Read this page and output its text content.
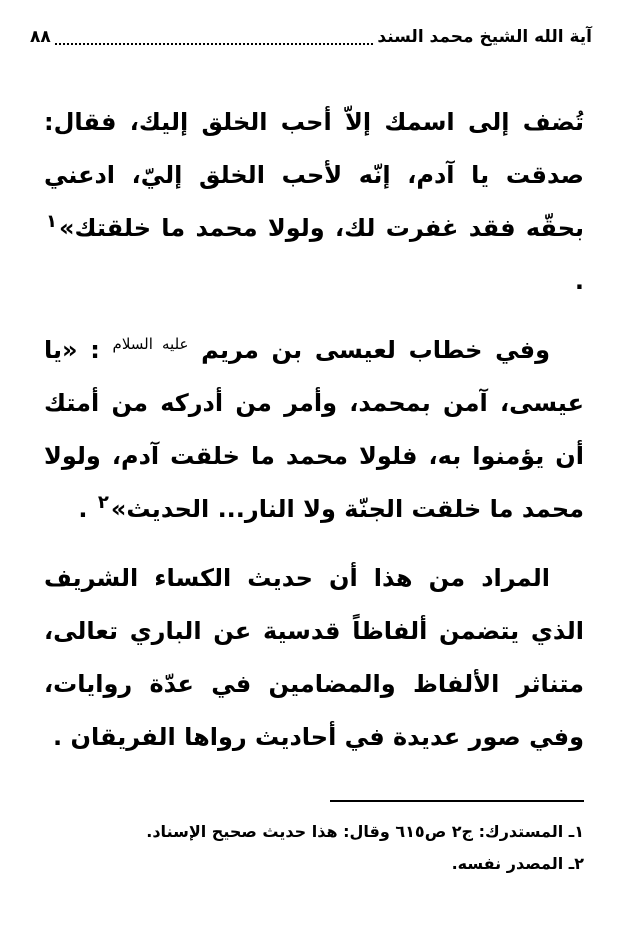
آية الله الشيخ محمد السند
٨٨

تُضف إلى اسمك إلاّ أحب الخلق إليك، فقال: صدقت يا آدم، إنّه لأحب الخلق إليّ، ادعني بحقّه فقد غفرت لك، ولولا محمد ما خلقتك»$^١$ .

وفي خطاب لعيسى بن مريم $^{عليه السلام}$ : «يا عيسى، آمن بمحمد، وأمر من أدركه من أمتك أن يؤمنوا به، فلولا محمد ما خلقت آدم، ولولا محمد ما خلقت الجنّة ولا النار... الحديث»$^٢$ .

المراد من هذا أن حديث الكساء الشريف الذي يتضمن ألفاظاً قدسية عن الباري تعالى، متناثر الألفاظ والمضامين في عدّة روايات، وفي صور عديدة في أحاديث رواها الفريقان .

١ـ المستدرك: ج٢ ص٦١٥ وقال: هذا حديث صحيح الإسناد.

٢ـ المصدر نفسه.
